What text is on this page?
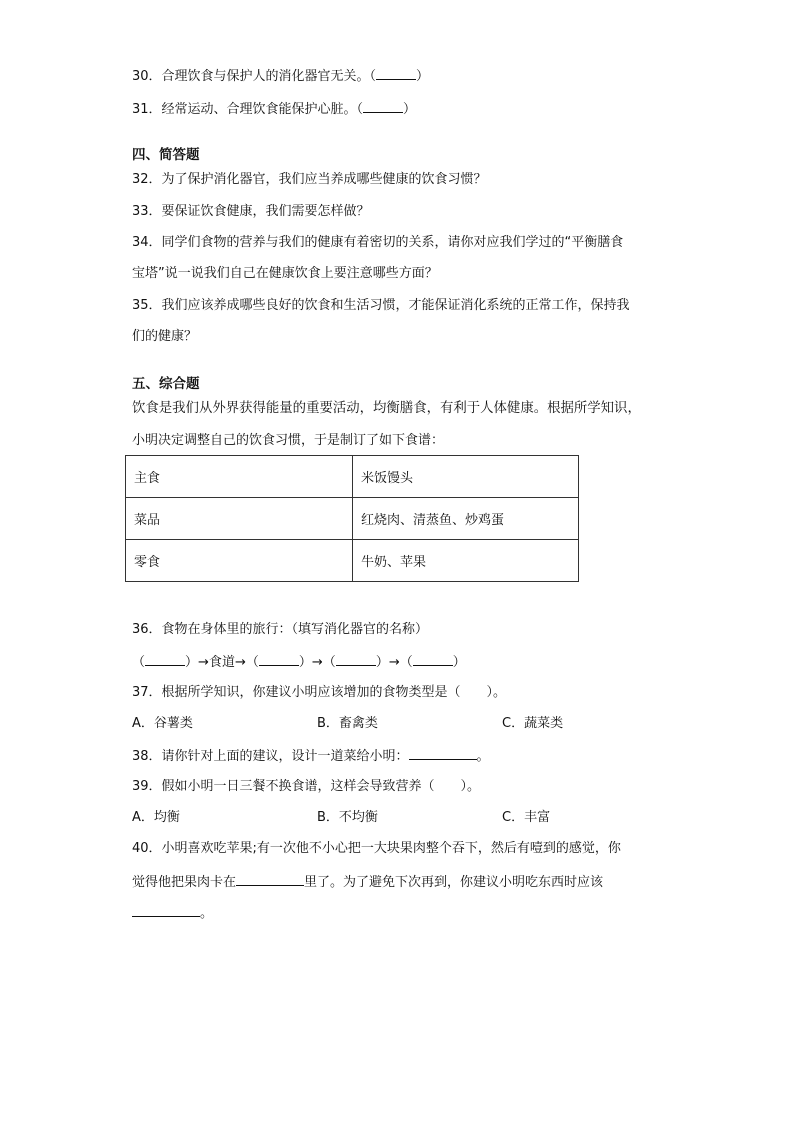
30．合理饮食与保护人的消化器官无关。（	）
31．经常运动、合理饮食能保护心脏。（	）
四、简答题
32．为了保护消化器官，我们应当养成哪些健康的饮食习惯？
33．要保证饮食健康，我们需要怎样做？
34．同学们食物的营养与我们的健康有着密切的关系，请你对应我们学过的“平衡膳食
宝塔”说一说我们自己在健康饮食上要注意哪些方面？
35．我们应该养成哪些良好的饮食和生活习惯，才能保证消化系统的正常工作，保持我
们的健康？
五、综合题
饮食是我们从外界获得能量的重要活动，均衡膳食，有利于人体健康。根据所学知识，
小明决定调整自己的饮食习惯，于是制订了如下食谱：
主食	米饭馒头
菜品	红烧肉、清蒸鱼、炒鸡蛋
零食	牛奶、苹果
36．食物在身体里的旅行：（填写消化器官的名称）
（	）→食道→（	）→（	）→（	）
37．根据所学知识，你建议小明应该增加的食物类型是（　　）。
A．谷薯类	B．畜禽类	C．蔬菜类
38．请你针对上面的建议，设计一道菜给小明：	。
39．假如小明一日三餐不换食谱，这样会导致营养（　　）。
A．均衡	B．不均衡	C．丰富
40．小明喜欢吃苹果;有一次他不小心把一大块果肉整个吞下，然后有噎到的感觉，你
觉得他把果肉卡在	里了。为了避免下次再到，你建议小明吃东西时应该
。
